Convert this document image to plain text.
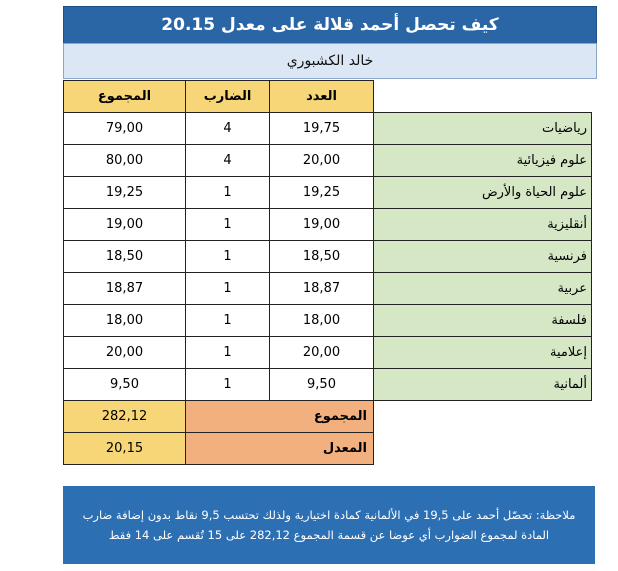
كيف تحصل أحمد قلالة على معدل 20.15
خالد الكشبوري
المجموع	الضارب	العدد	
79,00	4	19,75	رياضيات
80,00	4	20,00	علوم فيزيائية
19,25	1	19,25	علوم الحياة والأرض
19,00	1	19,00	أنقليزية
18,50	1	18,50	فرنسية
18,87	1	18,87	عربية
18,00	1	18,00	فلسفة
20,00	1	20,00	إعلامية
9,50	1	9,50	ألمانية
282,12	المجموع		
20,15	المعدل		
ملاحظة: تحصّل أحمد على 19,5 في الألمانية كمادة اختيارية ولذلك تحتسب 9,5 نقاط بدون إضافة ضارب المادة لمجموع الضوارب أي عوضا عن قسمة المجموع 282,12 على 15 تُقسم على 14 فقط
